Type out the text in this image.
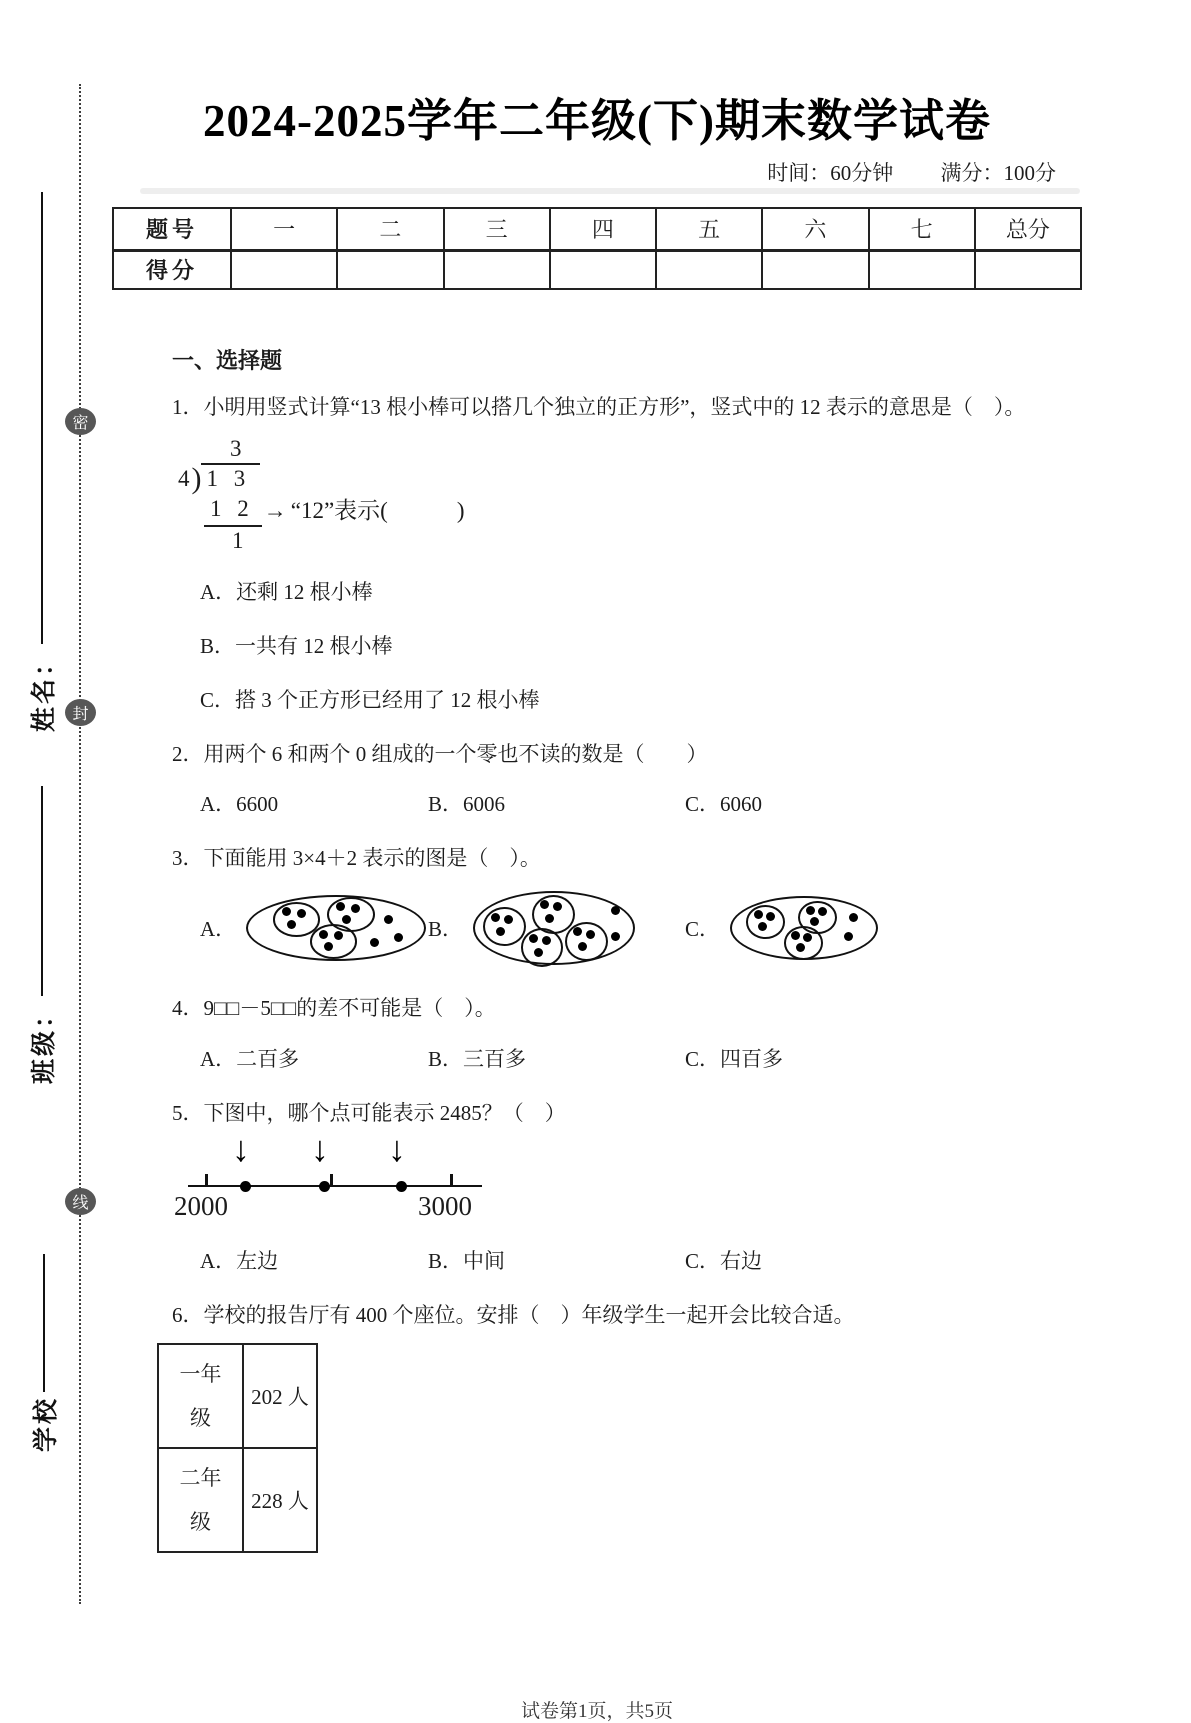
密
封
线
姓名：
班级：
学校
2024-2025学年二年级(下)期末数学试卷
时间：60分钟 满分：100分
题号	一	二	三	四	五	六	七	总分
得分								
一、选择题
1．小明用竖式计算“13 根小棒可以搭几个独立的正方形”，竖式中的 12 表示的意思是（　）。
3
4 ) 1 3
1 2 → “12”表示(　　　)
1
A．还剩 12 根小棒
B．一共有 12 根小棒
C．搭 3 个正方形已经用了 12 根小棒
2．用两个 6 和两个 0 组成的一个零也不读的数是（　　）
A．6600	B．6006	C．6060
3．下面能用 3×4＋2 表示的图是（　）。
A．	B．	C．
4．9□□－5□□的差不可能是（　）。
A．二百多	B．三百多	C．四百多
5．下图中，哪个点可能表示 2485？（　）
↓ ↓ ↓
2000	3000
A．左边	B．中间	C．右边
6．学校的报告厅有 400 个座位。安排（　）年级学生一起开会比较合适。
一年级	202 人
二年级	228 人
试卷第1页，共5页
